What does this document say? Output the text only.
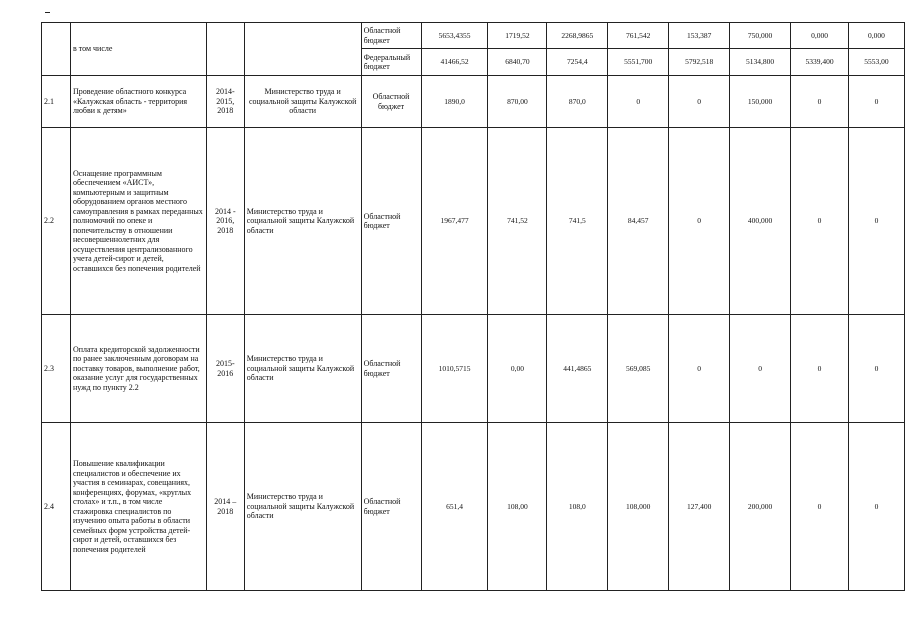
	в том числе			Областной бюджет	5653,4355	1719,52	2268,9865	761,542	153,387	750,000	0,000	0,000
				Федеральный бюджет	41466,52	6840,70	7254,4	5551,700	5792,518	5134,800	5339,400	5553,00
2.1	Проведение областного конкурса «Калужская область - территория любви к детям»	2014-2015, 2018	Министерство труда и социальной защиты Калужской области	Областной бюджет	1890,0	870,00	870,0	0	0	150,000	0	0
2.2	Оснащение программным обеспечением «АИСТ», компьютерным и защитным оборудованием органов местного самоуправления в рамках переданных полномочий по опеке и попечительству в отношении несовершеннолетних для осуществления централизованного учета детей-сирот и детей, оставшихся без попечения родителей	2014 - 2016, 2018	Министерство труда и социальной защиты Калужской области	Областной бюджет	1967,477	741,52	741,5	84,457	0	400,000	0	0
2.3	Оплата кредиторской задолженности по ранее заключенным договорам на поставку товаров, выполнение работ, оказание услуг для государственных нужд по пункту 2.2	2015-2016	Министерство труда и социальной защиты Калужской области	Областной бюджет	1010,5715	0,00	441,4865	569,085	0	0	0	0
2.4	Повышение квалификации специалистов и обеспечение их участия в семинарах, совещаниях, конференциях, форумах, «круглых столах» и т.п., в том числе стажировка специалистов по изучению опыта работы в области семейных форм устройства детей-сирот и детей, оставшихся без попечения родителей	2014 – 2018	Министерство труда и социальной защиты Калужской области	Областной бюджет	651,4	108,00	108,0	108,000	127,400	200,000	0	0
